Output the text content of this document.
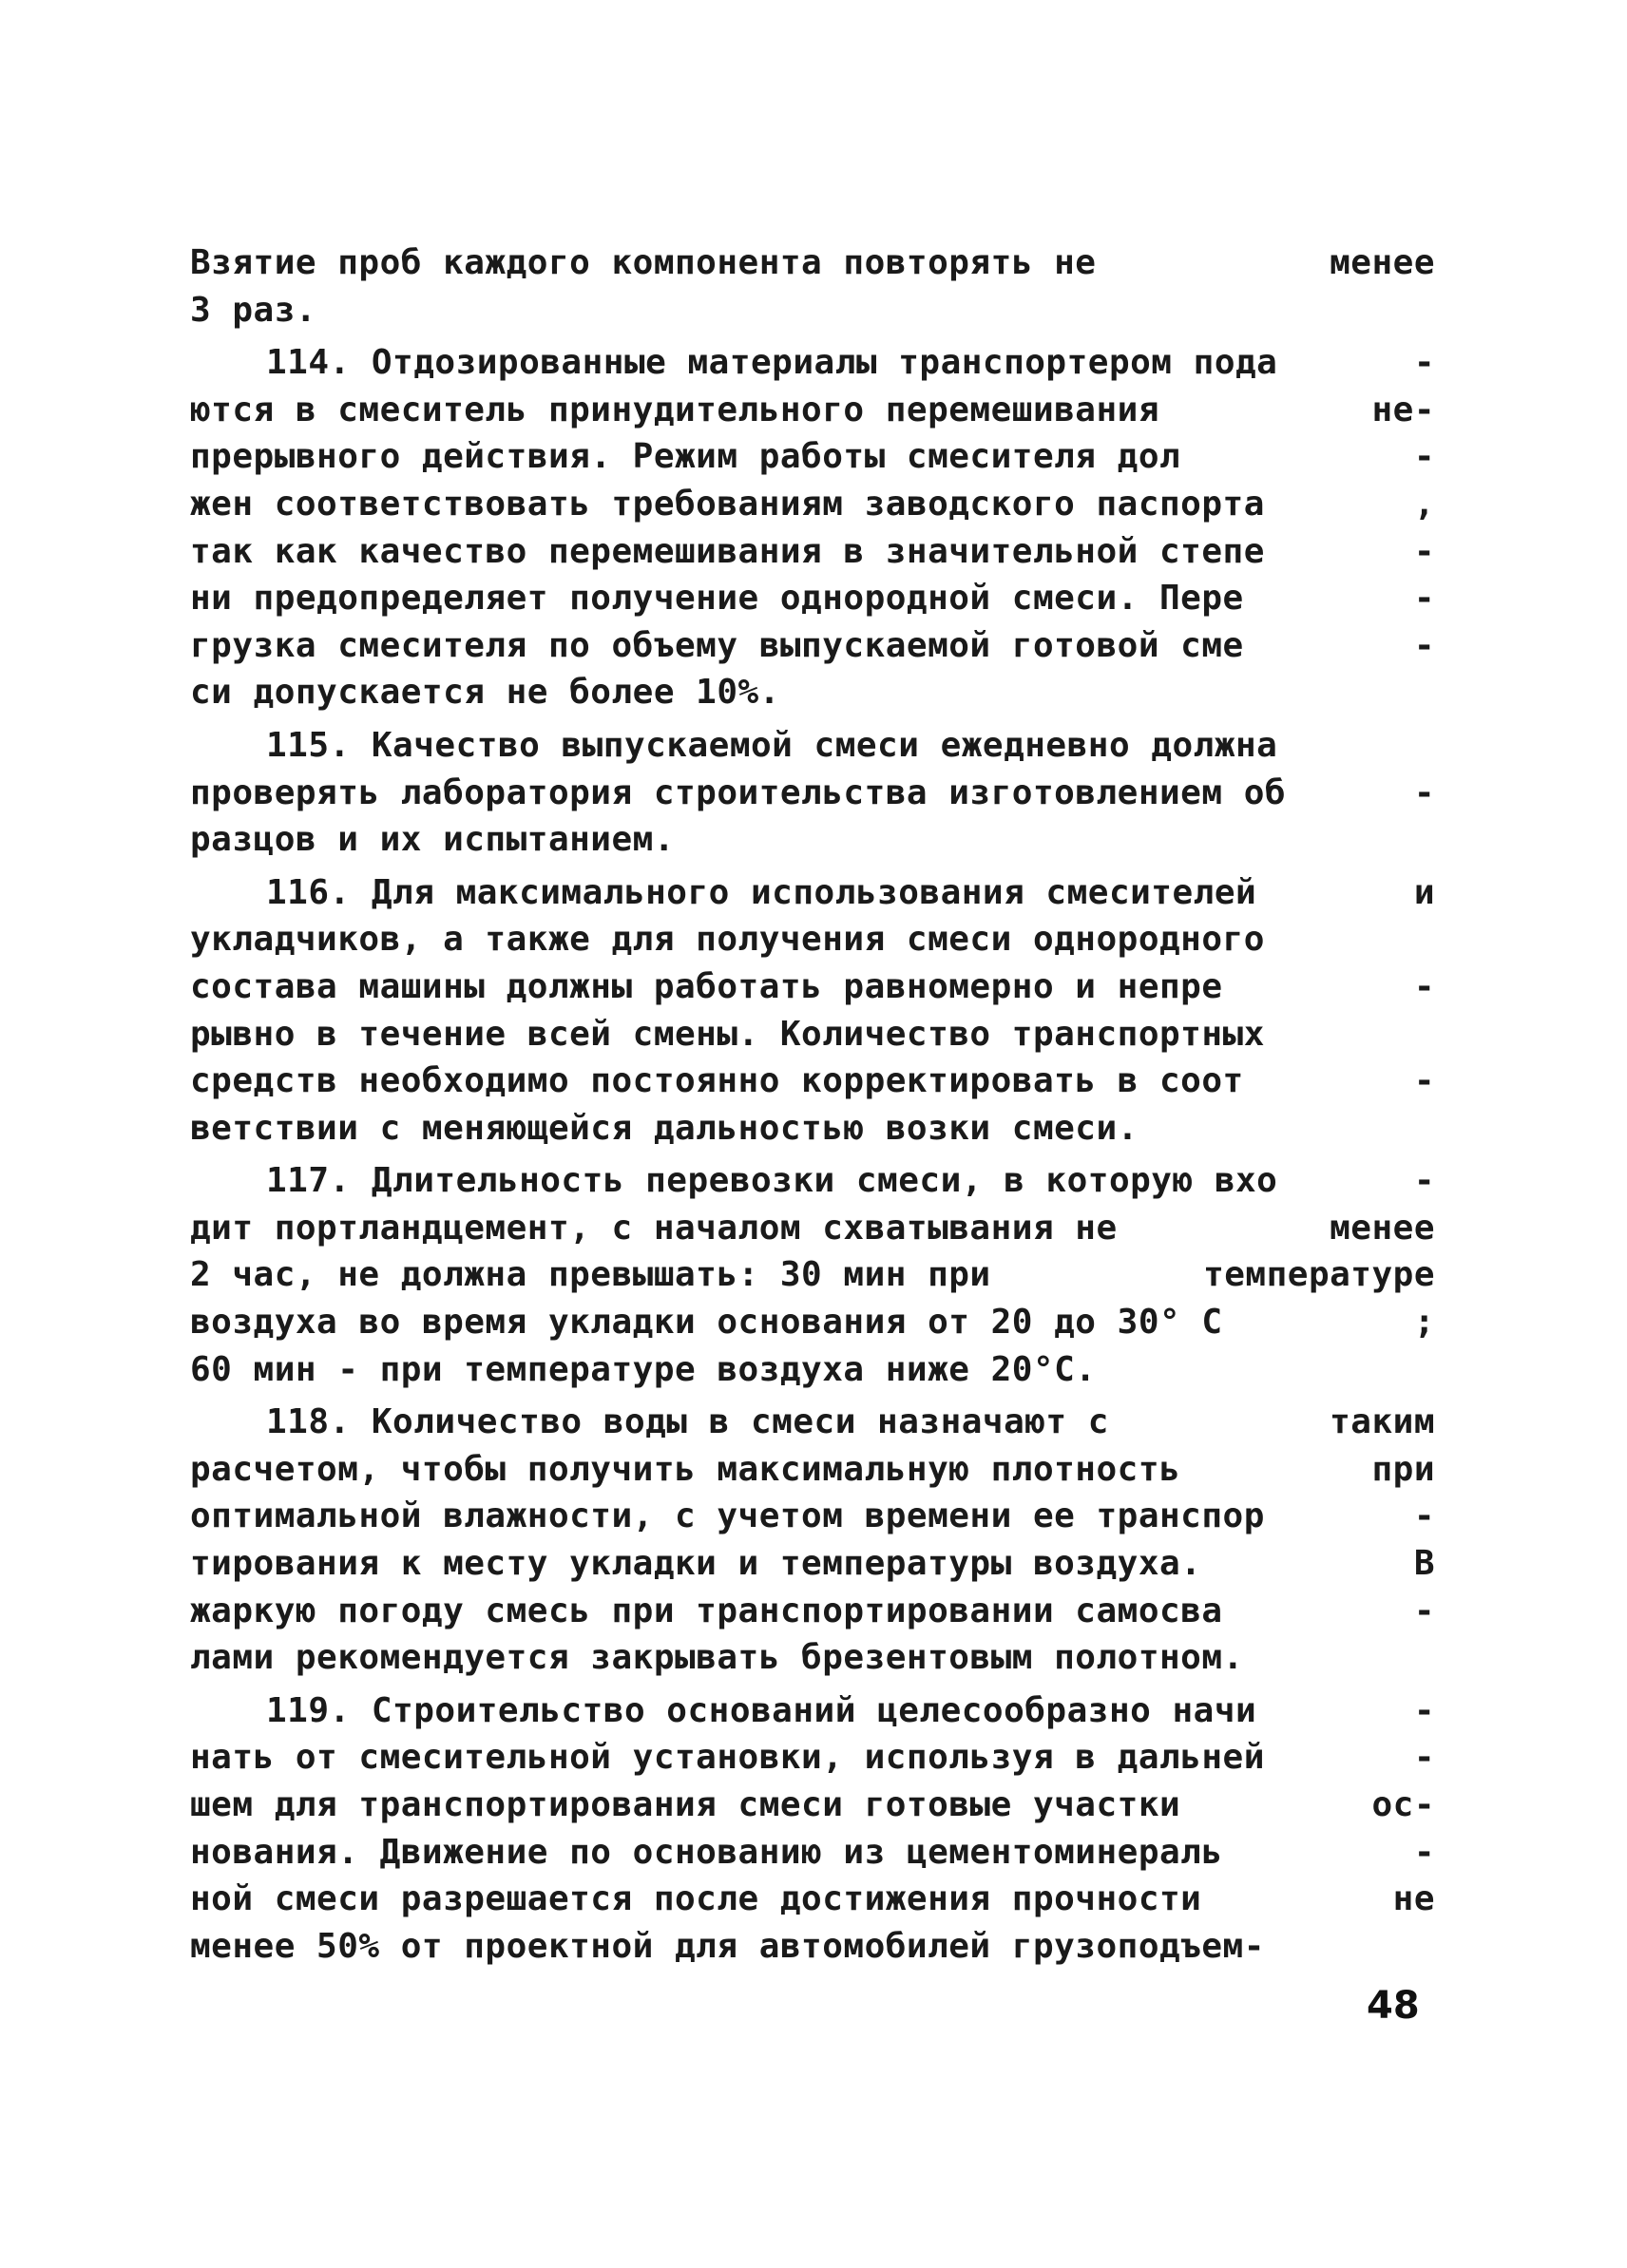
Взятие проб каждого компонента повторять не	менее
3 раз.
114. Отдозированные материалы транспортером пода	-
ются в смеситель принудительного перемешивания	не-
прерывного действия. Режим работы смесителя дол	-
жен соответствовать требованиям заводского паспорта	,
так как качество перемешивания в значительной степе	-
ни предопределяет получение однородной смеси. Пере	-
грузка смесителя по объему выпускаемой готовой сме	-
си допускается не более 10%.
115. Качество выпускаемой смеси ежедневно должна
проверять лаборатория строительства изготовлением об	-
разцов и их испытанием.
116. Для максимального использования смесителей	и
укладчиков, а также для получения смеси однородного
состава машины должны работать равномерно и непре	-
рывно в течение всей смены. Количество транспортных
средств необходимо постоянно корректировать в соот	-
ветствии с меняющейся дальностью возки смеси.
117. Длительность перевозки смеси, в которую вхо	-
дит портландцемент, с началом схватывания не	менее
2 час, не должна превышать: 30 мин при	температуре
воздуха во время укладки основания от 20 до 30° С	;
60 мин - при температуре воздуха ниже 20°С.
118. Количество воды в смеси назначают с	таким
расчетом, чтобы получить максимальную плотность	при
оптимальной влажности, с учетом времени ее транспор	-
тирования к месту укладки и температуры воздуха.	В
жаркую погоду смесь при транспортировании самосва	-
лами рекомендуется закрывать брезентовым полотном.
119. Строительство оснований целесообразно начи	-
нать от смесительной установки, используя в дальней	-
шем для транспортирования смеси готовые участки	ос-
нования. Движение по основанию из цементоминераль	-
ной смеси разрешается после достижения прочности	не
менее 50% от проектной для автомобилей грузоподъем-
48
